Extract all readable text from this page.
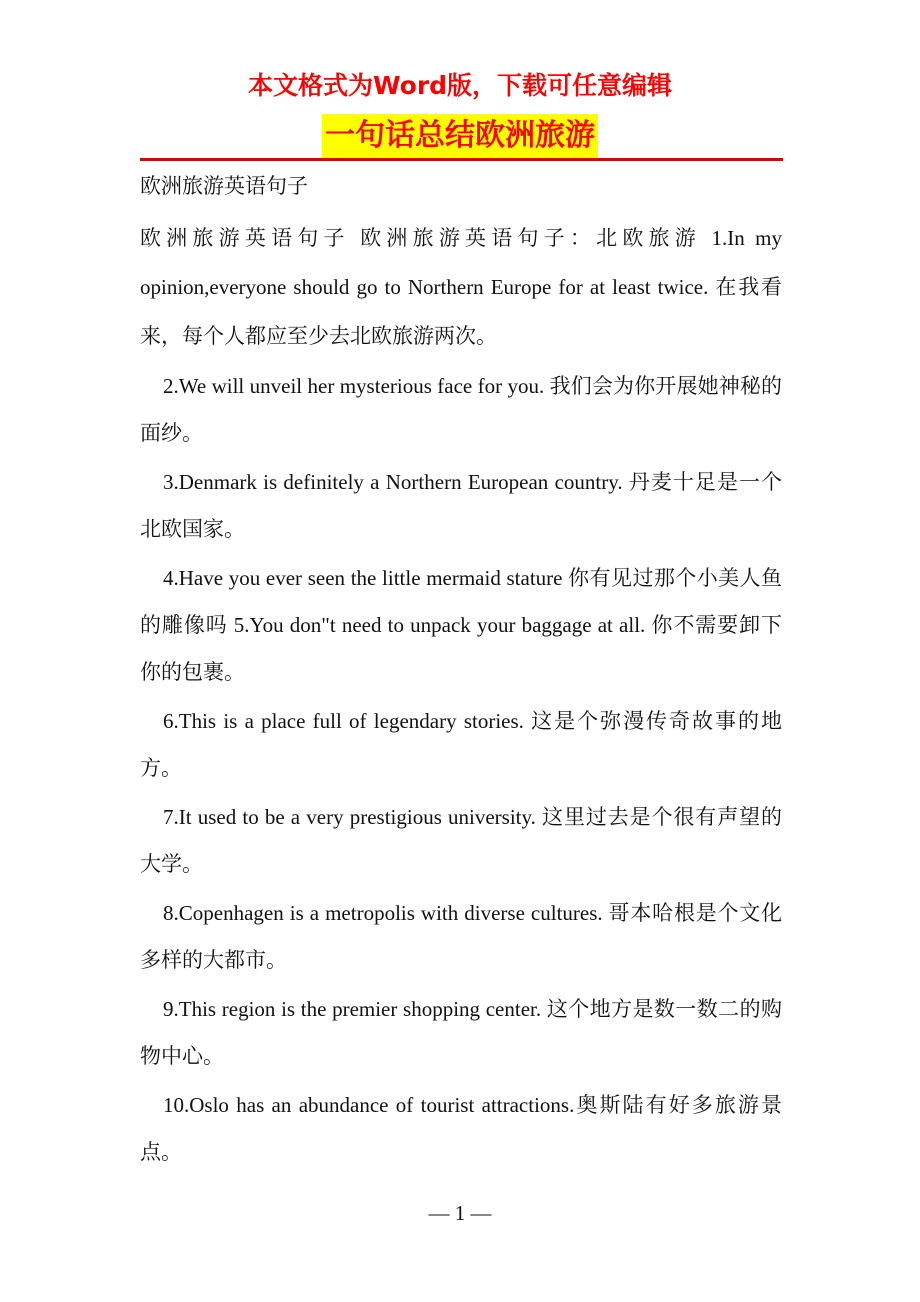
本文格式为Word版，下载可任意编辑
一句话总结欧洲旅游

欧洲旅游英语句子

欧洲旅游英语句子 欧洲旅游英语句子：北欧旅游 1.In my opinion,everyone should go to Northern Europe for at least twice. 在我看来，每个人都应至少去北欧旅游两次。

2.We will unveil her mysterious face for you. 我们会为你开展她神秘的面纱。

3.Denmark is definitely a Northern European country. 丹麦十足是一个北欧国家。

4.Have you ever seen the little mermaid stature 你有见过那个小美人鱼的雕像吗 5.You don"t need to unpack your baggage at all. 你不需要卸下你的包裹。

6.This is a place full of legendary stories. 这是个弥漫传奇故事的地方。

7.It used to be a very prestigious university. 这里过去是个很有声望的大学。

8.Copenhagen is a metropolis with diverse cultures. 哥本哈根是个文化多样的大都市。

9.This region is the premier shopping center. 这个地方是数一数二的购物中心。

10.Oslo has an abundance of tourist attractions.奥斯陆有好多旅游景点。

— 1 —
